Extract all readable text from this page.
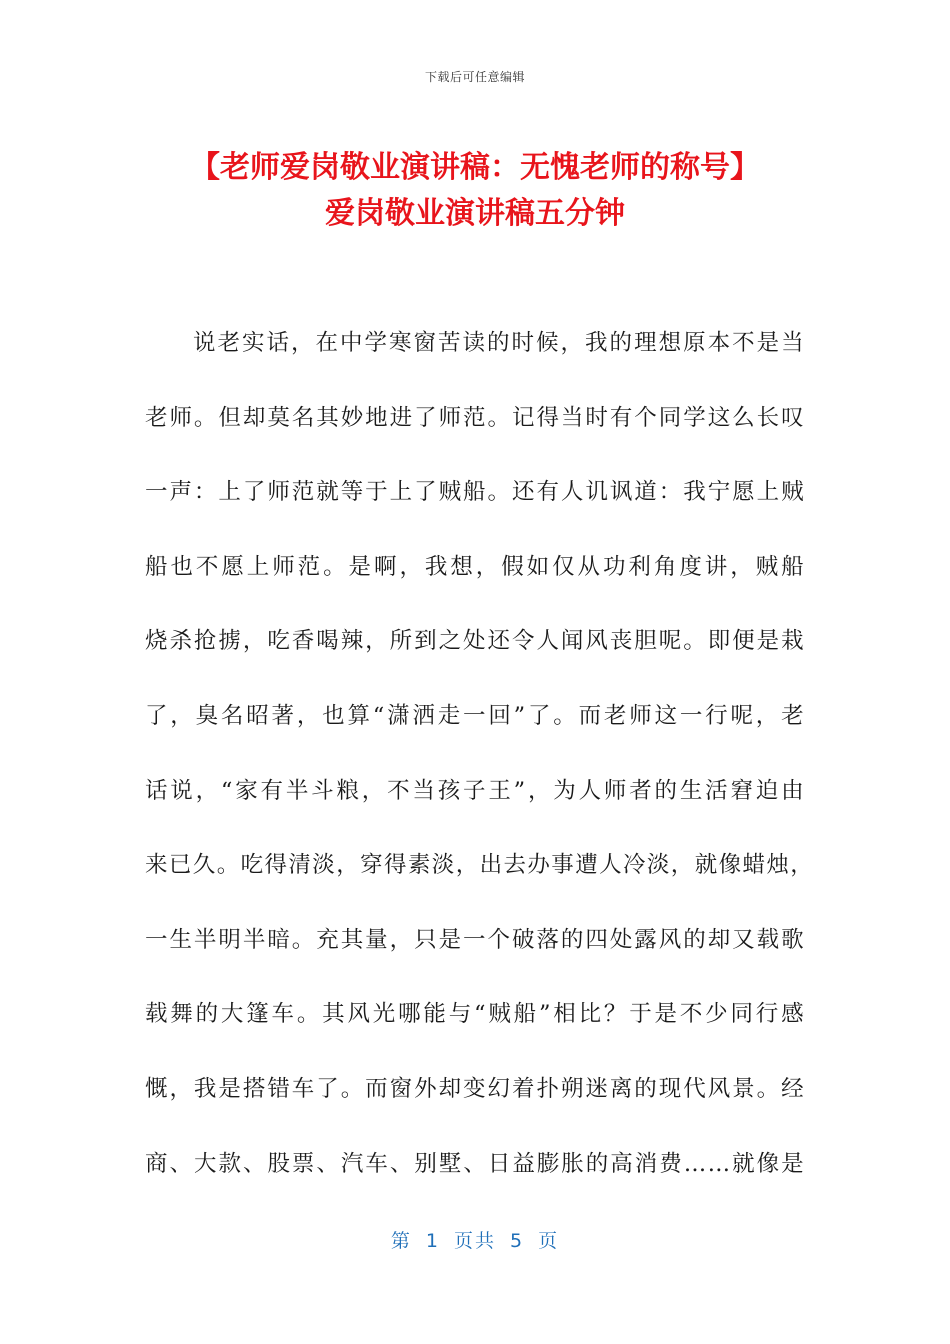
下载后可任意编辑
【老师爱岗敬业演讲稿：无愧老师的称号】
爱岗敬业演讲稿五分钟
说老实话，在中学寒窗苦读的时候，我的理想原本不是当
老师。但却莫名其妙地进了师范。记得当时有个同学这么长叹
一声：上了师范就等于上了贼船。还有人讥讽道：我宁愿上贼
船也不愿上师范。是啊，我想，假如仅从功利角度讲，贼船
烧杀抢掳，吃香喝辣，所到之处还令人闻风丧胆呢。即便是栽
了，臭名昭著，也算“潇洒走一回”了。而老师这一行呢，老
话说，“家有半斗粮，不当孩子王”，为人师者的生活窘迫由
来已久。吃得清淡，穿得素淡，出去办事遭人冷淡，就像蜡烛，
一生半明半暗。充其量，只是一个破落的四处露风的却又载歌
载舞的大篷车。其风光哪能与“贼船”相比？于是不少同行感
慨，我是搭错车了。而窗外却变幻着扑朔迷离的现代风景。经
商、大款、股票、汽车、别墅、日益膨胀的高消费……就像是
第 1 页共 5 页
